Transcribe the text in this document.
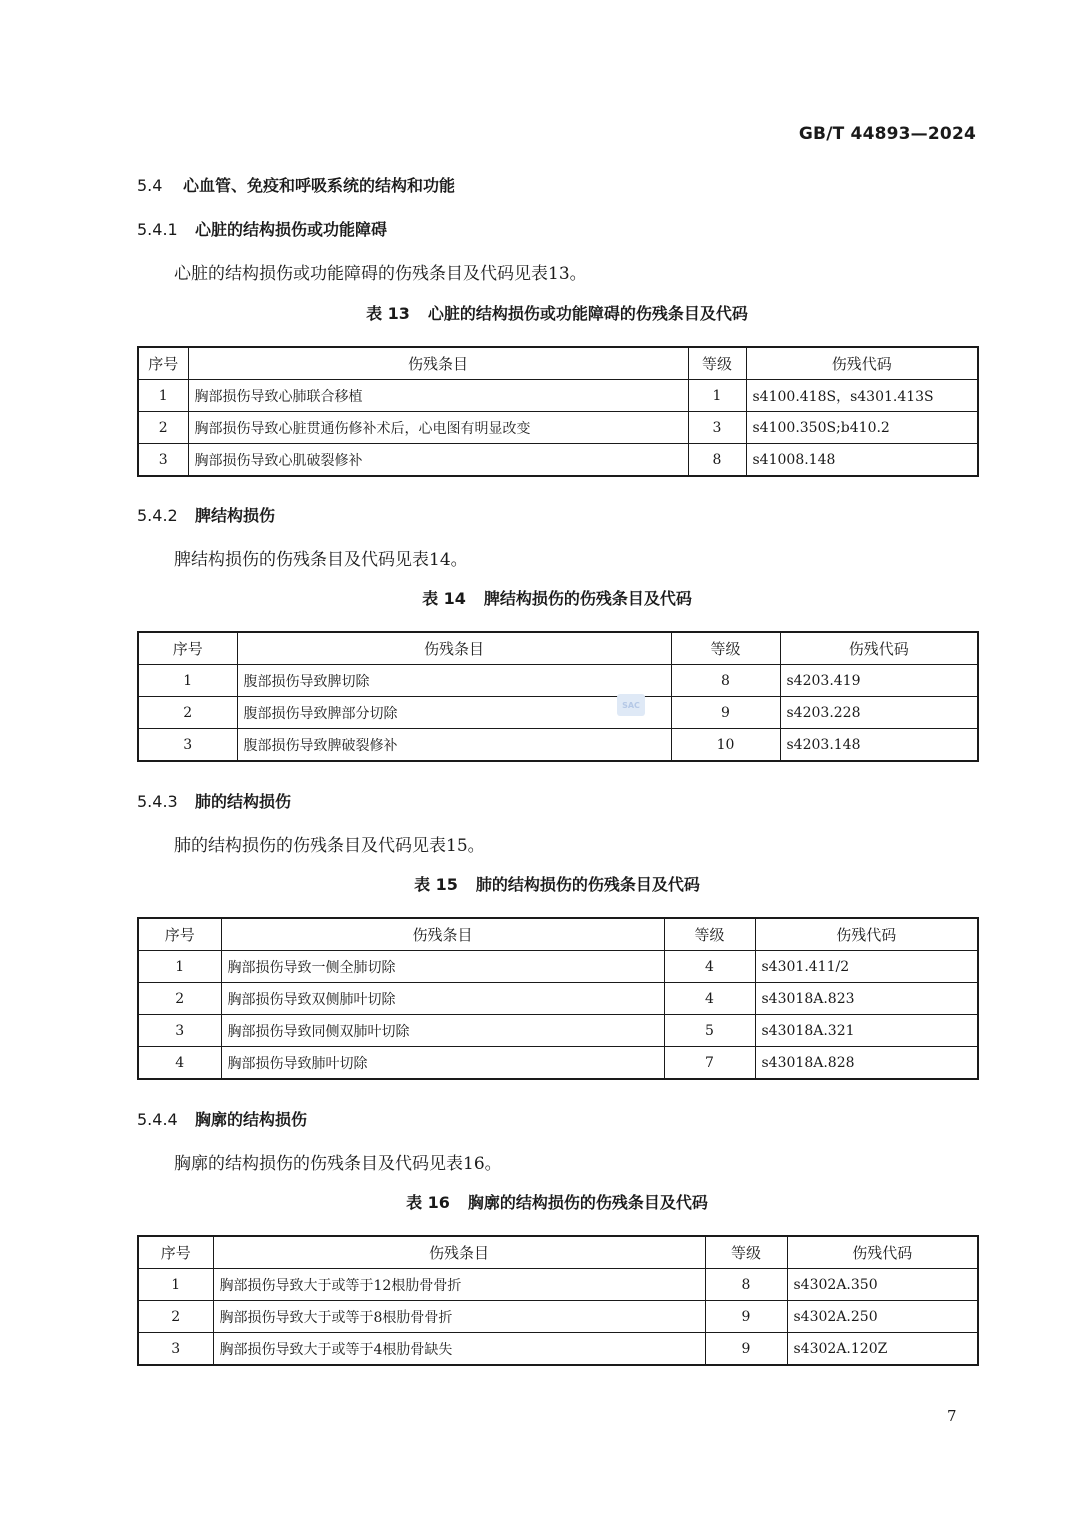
GB/T 44893—2024
5.4 心血管、免疫和呼吸系统的结构和功能
5.4.1 心脏的结构损伤或功能障碍
心脏的结构损伤或功能障碍的伤残条目及代码见表13。
表 13 心脏的结构损伤或功能障碍的伤残条目及代码
序号	伤残条目	等级	伤残代码
1	胸部损伤导致心肺联合移植	1	s4100.418S，s4301.413S
2	胸部损伤导致心脏贯通伤修补术后，心电图有明显改变	3	s4100.350S;b410.2
3	胸部损伤导致心肌破裂修补	8	s41008.148
5.4.2 脾结构损伤
脾结构损伤的伤残条目及代码见表14。
表 14 脾结构损伤的伤残条目及代码
序号	伤残条目	等级	伤残代码
1	腹部损伤导致脾切除	8	s4203.419
2	腹部损伤导致脾部分切除	9	s4203.228
3	腹部损伤导致脾破裂修补	10	s4203.148
SAC
5.4.3 肺的结构损伤
肺的结构损伤的伤残条目及代码见表15。
表 15 肺的结构损伤的伤残条目及代码
序号	伤残条目	等级	伤残代码
1	胸部损伤导致一侧全肺切除	4	s4301.411/2
2	胸部损伤导致双侧肺叶切除	4	s43018A.823
3	胸部损伤导致同侧双肺叶切除	5	s43018A.321
4	胸部损伤导致肺叶切除	7	s43018A.828
5.4.4 胸廓的结构损伤
胸廓的结构损伤的伤残条目及代码见表16。
表 16 胸廓的结构损伤的伤残条目及代码
序号	伤残条目	等级	伤残代码
1	胸部损伤导致大于或等于12根肋骨骨折	8	s4302A.350
2	胸部损伤导致大于或等于8根肋骨骨折	9	s4302A.250
3	胸部损伤导致大于或等于4根肋骨缺失	9	s4302A.120Z
7
